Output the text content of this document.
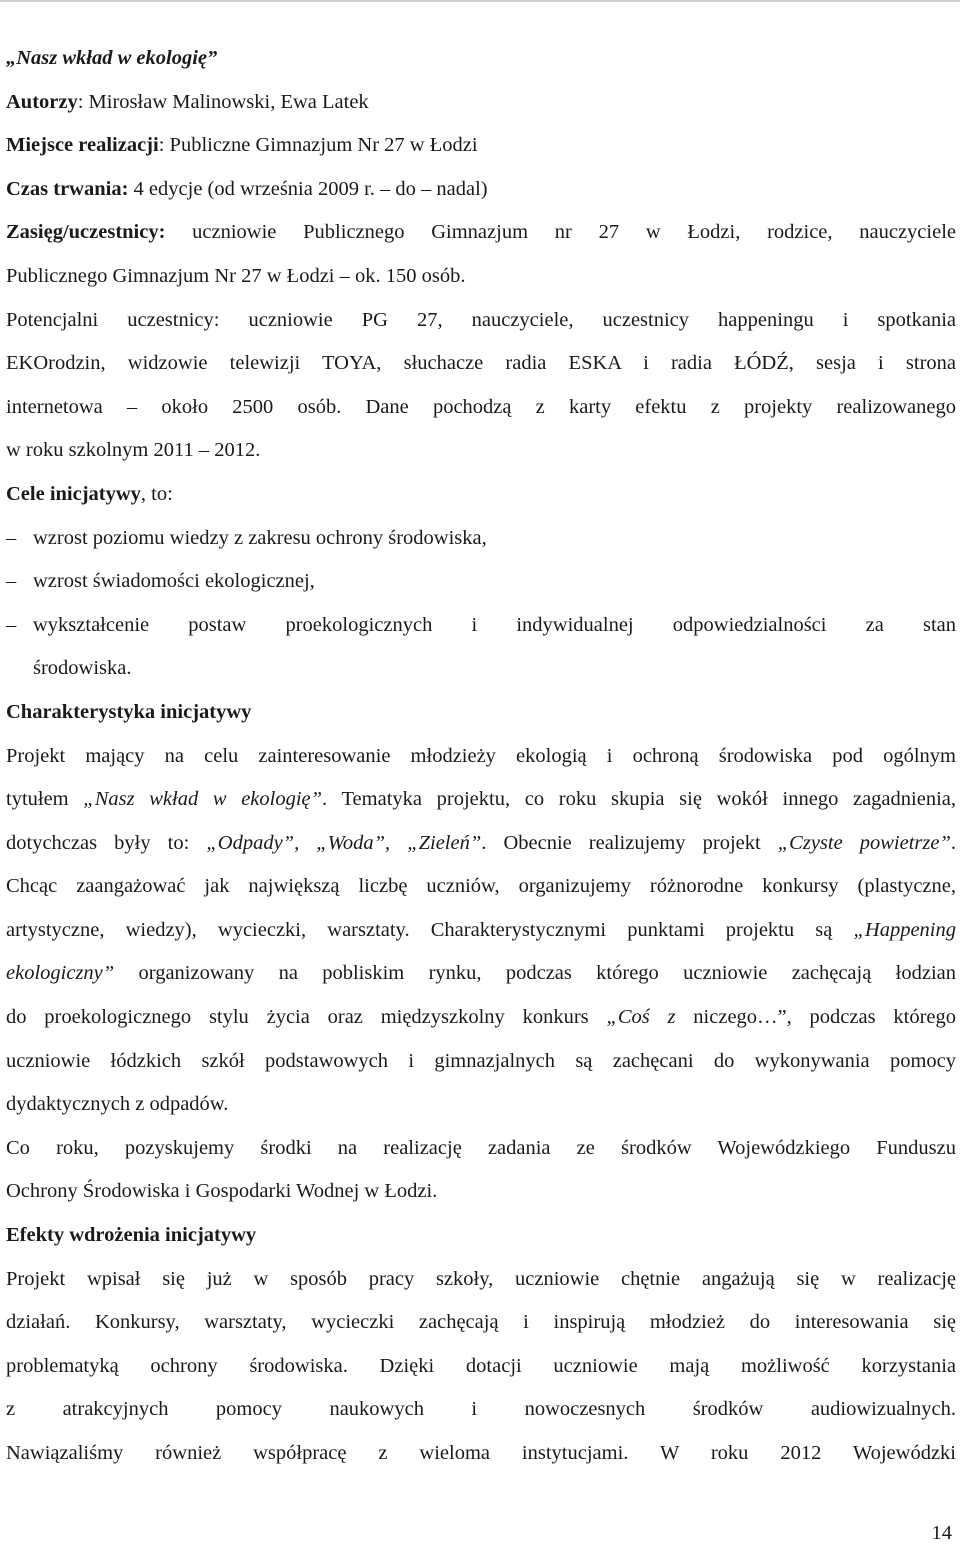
„Nasz wkład w ekologię”
Autorzy: Mirosław Malinowski, Ewa Latek
Miejsce realizacji: Publiczne Gimnazjum Nr 27 w Łodzi
Czas trwania: 4 edycje (od września 2009 r. – do – nadal)
Zasięg/uczestnicy: uczniowie Publicznego Gimnazjum nr 27 w Łodzi, rodzice, nauczyciele
Publicznego Gimnazjum Nr 27 w Łodzi – ok. 150 osób.
Potencjalni uczestnicy: uczniowie PG 27, nauczyciele, uczestnicy happeningu i spotkania
EKOrodzin, widzowie telewizji TOYA, słuchacze radia ESKA i radia ŁÓDŹ, sesja i strona
internetowa – około 2500 osób. Dane pochodzą z karty efektu z projekty realizowanego
w roku szkolnym 2011 – 2012.
Cele inicjatywy, to:
– wzrost poziomu wiedzy z zakresu ochrony środowiska,
– wzrost świadomości ekologicznej,
– wykształcenie postaw proekologicznych i indywidualnej odpowiedzialności za stan
środowiska.
Charakterystyka inicjatywy
Projekt mający na celu zainteresowanie młodzieży ekologią i ochroną środowiska pod ogólnym
tytułem „Nasz wkład w ekologię”. Tematyka projektu, co roku skupia się wokół innego zagadnienia,
dotychczas były to: „Odpady”, „Woda”, „Zieleń”. Obecnie realizujemy projekt „Czyste powietrze”.
Chcąc zaangażować jak największą liczbę uczniów, organizujemy różnorodne konkursy (plastyczne,
artystyczne, wiedzy), wycieczki, warsztaty. Charakterystycznymi punktami projektu są „Happening
ekologiczny” organizowany na pobliskim rynku, podczas którego uczniowie zachęcają łodzian
do proekologicznego stylu życia oraz międzyszkolny konkurs „Coś z niczego…”, podczas którego
uczniowie łódzkich szkół podstawowych i gimnazjalnych są zachęcani do wykonywania pomocy
dydaktycznych z odpadów.
Co roku, pozyskujemy środki na realizację zadania ze środków Wojewódzkiego Funduszu
Ochrony Środowiska i Gospodarki Wodnej w Łodzi.
Efekty wdrożenia inicjatywy
Projekt wpisał się już w sposób pracy szkoły, uczniowie chętnie angażują się w realizację
działań. Konkursy, warsztaty, wycieczki zachęcają i inspirują młodzież do interesowania się
problematyką ochrony środowiska. Dzięki dotacji uczniowie mają możliwość korzystania
z atrakcyjnych pomocy naukowych i nowoczesnych środków audiowizualnych.
Nawiązaliśmy również współpracę z wieloma instytucjami. W roku 2012 Wojewódzki
14
